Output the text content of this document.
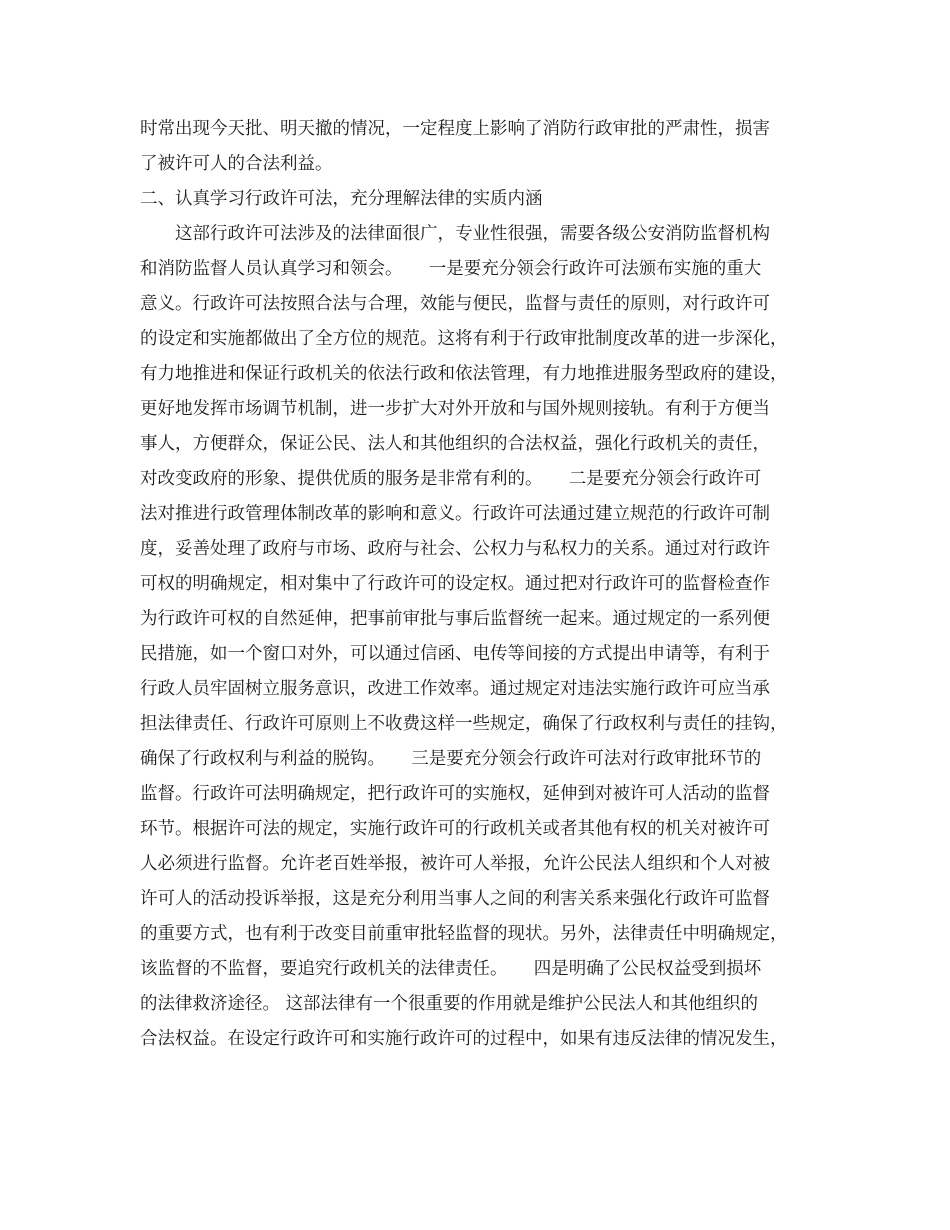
时常出现今天批、明天撤的情况，一定程度上影响了消防行政审批的严肃性，损害
了被许可人的合法利益。
二、认真学习行政许可法，充分理解法律的实质内涵
这部行政许可法涉及的法律面很广，专业性很强，需要各级公安消防监督机构
和消防监督人员认真学习和领会。　　一是要充分领会行政许可法颁布实施的重大
意义。行政许可法按照合法与合理，效能与便民，监督与责任的原则，对行政许可
的设定和实施都做出了全方位的规范。这将有利于行政审批制度改革的进一步深化，
有力地推进和保证行政机关的依法行政和依法管理，有力地推进服务型政府的建设，
更好地发挥市场调节机制，进一步扩大对外开放和与国外规则接轨。有利于方便当
事人，方便群众，保证公民、法人和其他组织的合法权益，强化行政机关的责任，
对改变政府的形象、提供优质的服务是非常有利的。　　二是要充分领会行政许可
法对推进行政管理体制改革的影响和意义。行政许可法通过建立规范的行政许可制
度，妥善处理了政府与市场、政府与社会、公权力与私权力的关系。通过对行政许
可权的明确规定，相对集中了行政许可的设定权。通过把对行政许可的监督检查作
为行政许可权的自然延伸，把事前审批与事后监督统一起来。通过规定的一系列便
民措施，如一个窗口对外，可以通过信函、电传等间接的方式提出申请等，有利于
行政人员牢固树立服务意识，改进工作效率。通过规定对违法实施行政许可应当承
担法律责任、行政许可原则上不收费这样一些规定，确保了行政权利与责任的挂钩，
确保了行政权利与利益的脱钩。　　三是要充分领会行政许可法对行政审批环节的
监督。行政许可法明确规定，把行政许可的实施权，延伸到对被许可人活动的监督
环节。根据许可法的规定，实施行政许可的行政机关或者其他有权的机关对被许可
人必须进行监督。允许老百姓举报，被许可人举报，允许公民法人组织和个人对被
许可人的活动投诉举报，这是充分利用当事人之间的利害关系来强化行政许可监督
的重要方式，也有利于改变目前重审批轻监督的现状。另外，法律责任中明确规定，
该监督的不监督，要追究行政机关的法律责任。　　四是明确了公民权益受到损坏
的法律救济途径。 这部法律有一个很重要的作用就是维护公民法人和其他组织的
合法权益。在设定行政许可和实施行政许可的过程中，如果有违反法律的情况发生，
